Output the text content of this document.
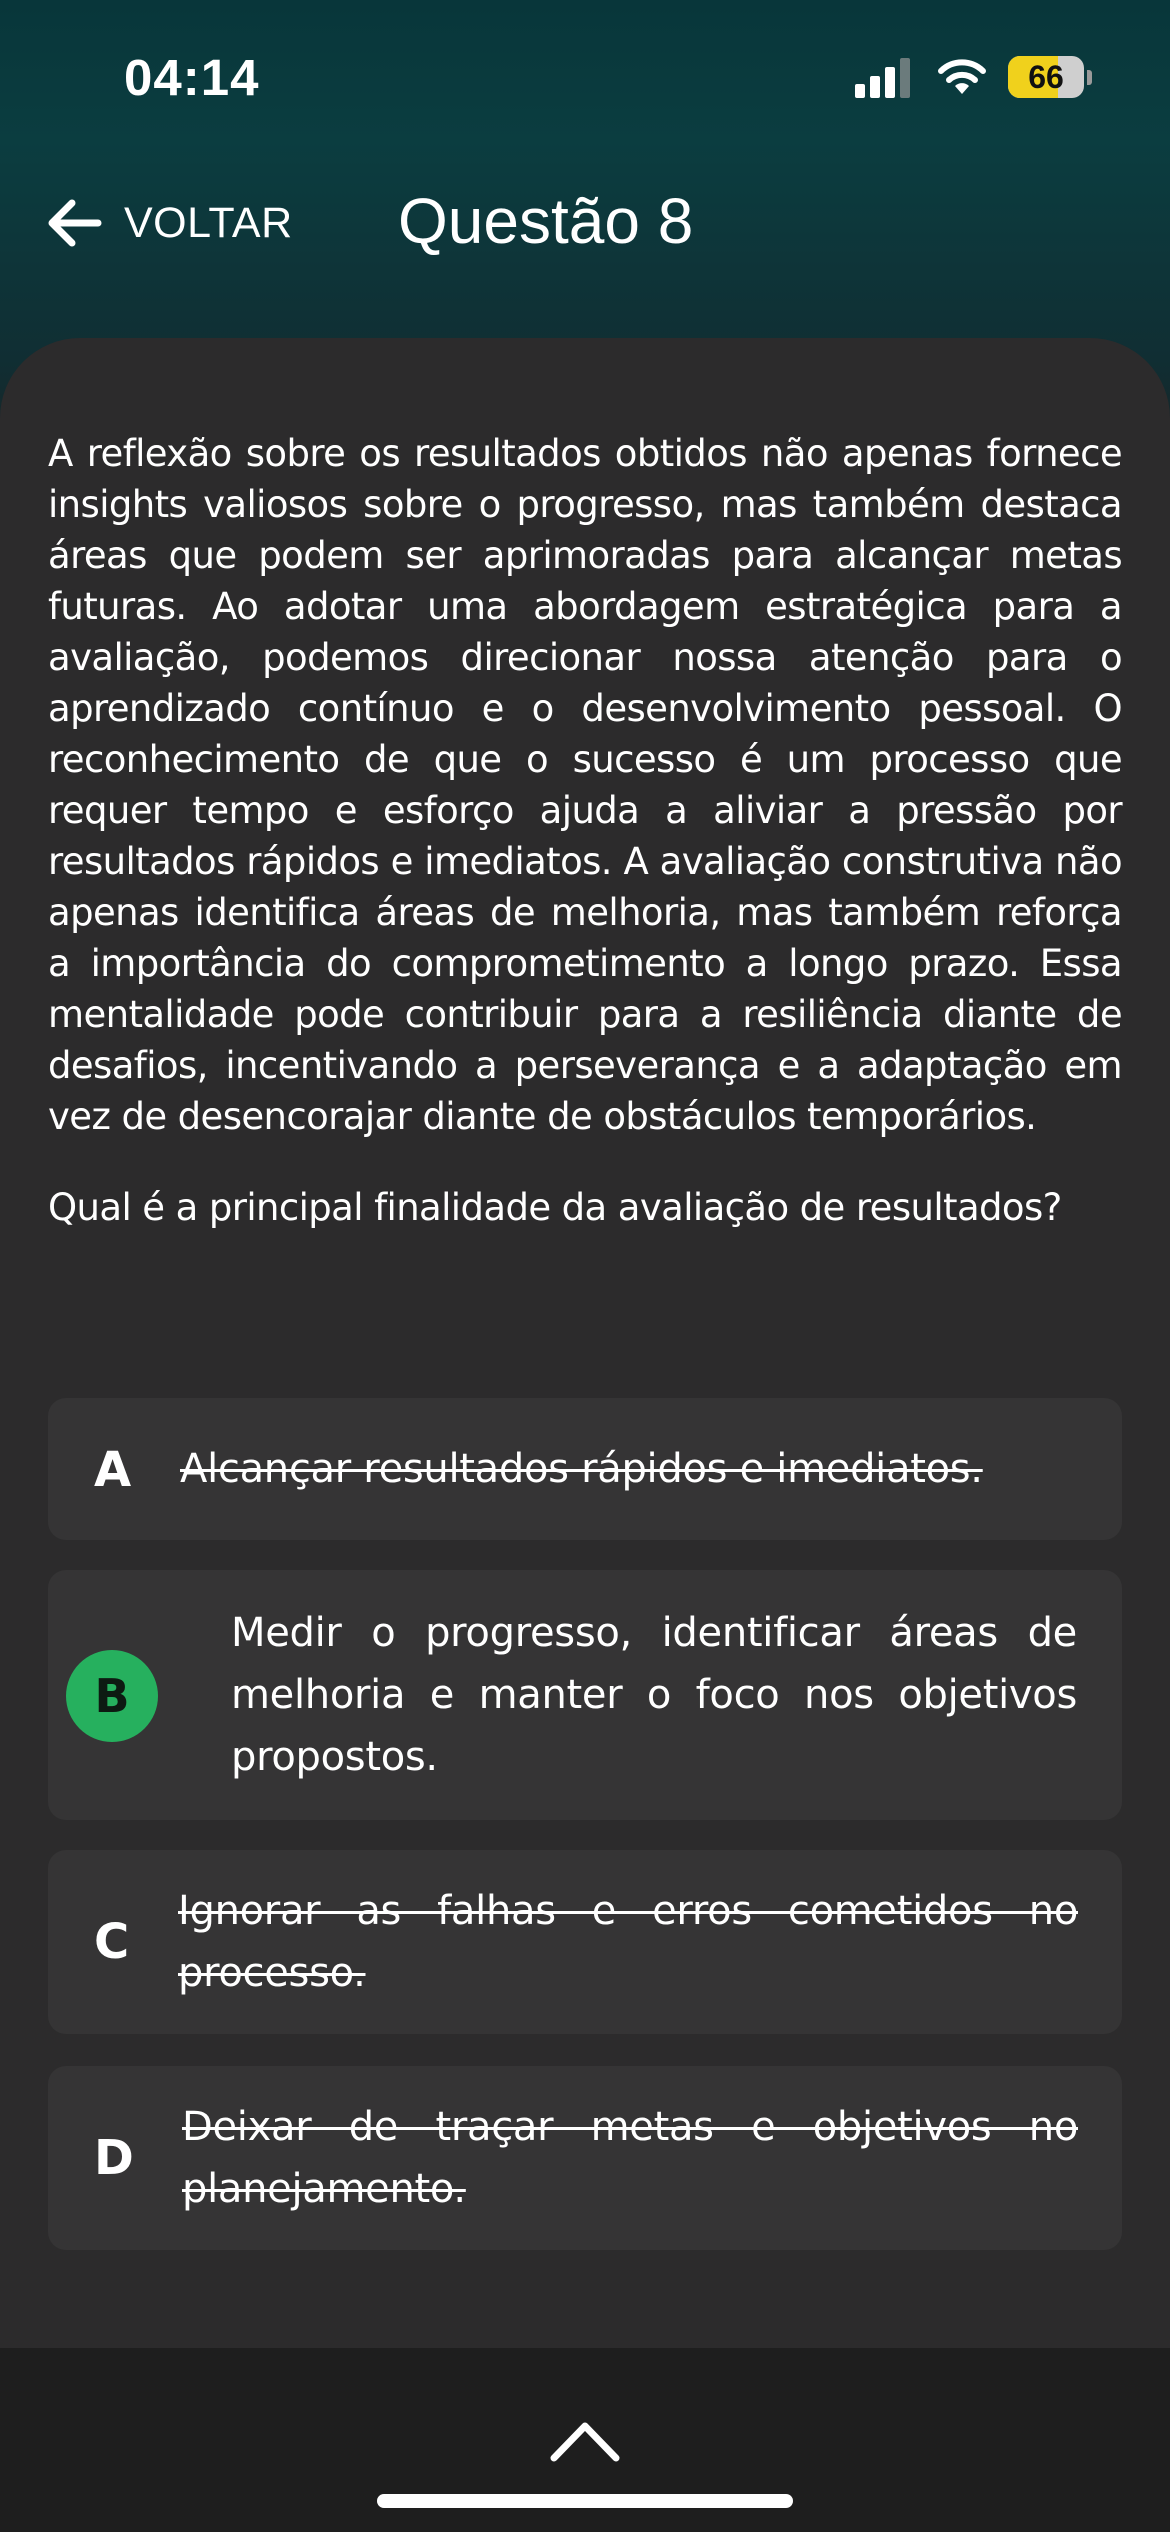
04:14	66
VOLTAR Questão 8

A reflexão sobre os resultados obtidos não apenas fornece insights valiosos sobre o progresso, mas também destaca áreas que podem ser aprimoradas para alcançar metas futuras. Ao adotar uma abordagem estratégica para a avaliação, podemos direcionar nossa atenção para o aprendizado contínuo e o desenvolvimento pessoal. O reconhecimento de que o sucesso é um processo que requer tempo e esforço ajuda a aliviar a pressão por resultados rápidos e imediatos. A avaliação construtiva não apenas identifica áreas de melhoria, mas também reforça a importância do comprometimento a longo prazo. Essa mentalidade pode contribuir para a resiliência diante de desafios, incentivando a perseverança e a adaptação em vez de desencorajar diante de obstáculos temporários.

Qual é a principal finalidade da avaliação de resultados?

A Alcançar resultados rápidos e imediatos.
B
Medir o progresso, identificar áreas de melhoria e manter o foco nos objetivos propostos.
C
Ignorar as falhas e erros cometidos no processo.
D
Deixar de traçar metas e objetivos no planejamento.
